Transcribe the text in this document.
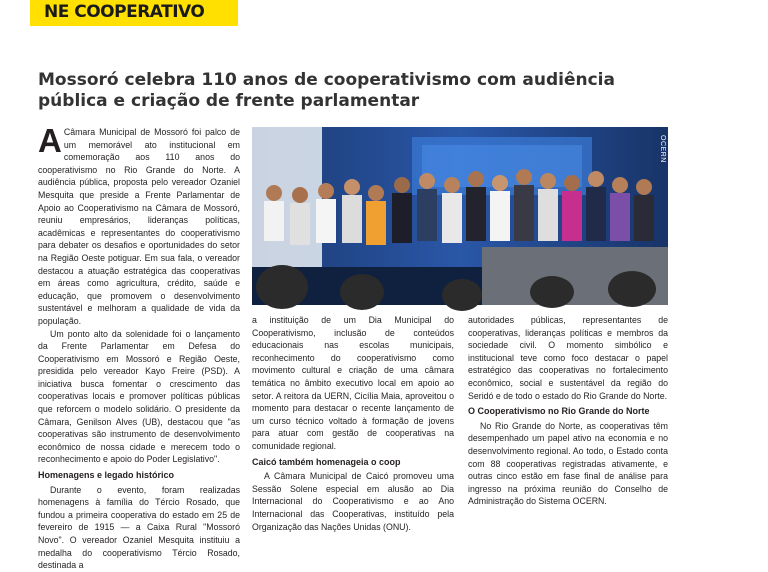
NE COOPERATIVO
Mossoró celebra 110 anos de cooperativismo com audiência pública e criação de frente parlamentar

A Câmara Municipal de Mossoró foi palco de um memorável ato institucional em comemoração aos 110 anos do cooperativismo no Rio Grande do Norte. A audiência pública, proposta pelo vereador Ozaniel Mesquita que preside a Frente Parlamentar de Apoio ao Cooperativismo na Câmara de Mossoró, reuniu empresários, lideranças políticas, acadêmicas e representantes do cooperativismo para debater os desafios e oportunidades do setor na Região Oeste potiguar. Em sua fala, o vereador destacou a atuação estratégica das cooperativas em áreas como agricultura, crédito, saúde e educação, que promovem o desenvolvimento sustentável e melhoram a qualidade de vida da população.

Um ponto alto da solenidade foi o lançamento da Frente Parlamentar em Defesa do Cooperativismo em Mossoró e Região Oeste, presidida pelo vereador Kayo Freire (PSD). A iniciativa busca fomentar o crescimento das cooperativas locais e promover políticas públicas que reforcem o modelo solidário. O presidente da Câmara, Genilson Alves (UB), destacou que "as cooperativas são instrumento de desenvolvimento econômico de nossa cidade e merecem todo o reconhecimento e apoio do Poder Legislativo".

Homenagens e legado histórico

Durante o evento, foram realizadas homenagens à família do Tércio Rosado, que fundou a primeira cooperativa do estado em 25 de fevereiro de 1915 — a Caixa Rural "Mossoró Novo". O vereador Ozaniel Mesquita instituiu a medalha do cooperativismo Tércio Rosado, destinada a

RIO GRANDE DO NORTE
OCERN

a instituição de um Dia Municipal do Cooperativismo, inclusão de conteúdos educacionais nas escolas municipais, reconhecimento do cooperativismo como movimento cultural e criação de uma câmara temática no âmbito executivo local em apoio ao setor. A reitora da UERN, Cicília Maia, aproveitou o momento para destacar o recente lançamento de um curso técnico voltado à formação de jovens para atuar com gestão de cooperativas na comunidade regional.

Caicó também homenageia o coop

A Câmara Municipal de Caicó promoveu uma Sessão Solene especial em alusão ao Dia Internacional do Cooperativismo e ao Ano Internacional das Cooperativas, instituído pela Organização das Nações Unidas (ONU).

autoridades públicas, representantes de cooperativas, lideranças políticas e membros da sociedade civil. O momento simbólico e institucional teve como foco destacar o papel estratégico das cooperativas no fortalecimento econômico, social e sustentável da região do Seridó e de todo o estado do Rio Grande do Norte.

O Cooperativismo no Rio Grande do Norte

No Rio Grande do Norte, as cooperativas têm desempenhado um papel ativo na economia e no desenvolvimento regional. Ao todo, o Estado conta com 88 cooperativas registradas ativamente, e outras cinco estão em fase final de análise para ingresso na próxima reunião do Conselho de Administração do Sistema OCERN.
